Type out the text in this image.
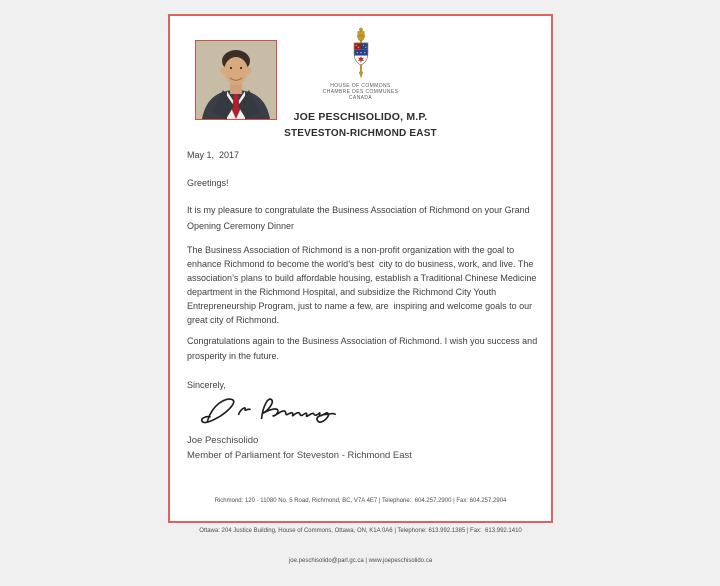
HOUSE OF COMMONS
CHAMBRE DES COMMUNES
CANADA
JOE PESCHISOLIDO, M.P.
STEVESTON-RICHMOND EAST
May 1,  2017
Greetings!
It is my pleasure to congratulate the Business Association of Richmond on your Grand Opening Ceremony Dinner
The Business Association of Richmond is a non-profit organization with the goal to enhance Richmond to become the world’s best  city to do business, work, and live. The association’s plans to build affordable housing, establish a Traditional Chinese Medicine department in the Richmond Hospital, and subsidize the Richmond City Youth Entrepreneurship Program, just to name a few, are  inspiring and welcome goals to our great city of Richmond.
Congratulations again to the Business Association of Richmond. I wish you success and prosperity in the future.
Sincerely,
Joe Peschisolido
Member of Parliament for Steveston - Richmond East

Richmond: 120 - 11080 No. 5 Road, Richmond, BC, V7A 4E7 | Telephone:  604.257.2900 | Fax: 604.257.2904

Ottawa: 204 Justice Building, House of Commons, Ottawa, ON, K1A 0A6 | Telephone: 613.992.1385 | Fax:  613.992.1410

joe.peschisolido@parl.gc.ca | www.joepeschisolido.ca
